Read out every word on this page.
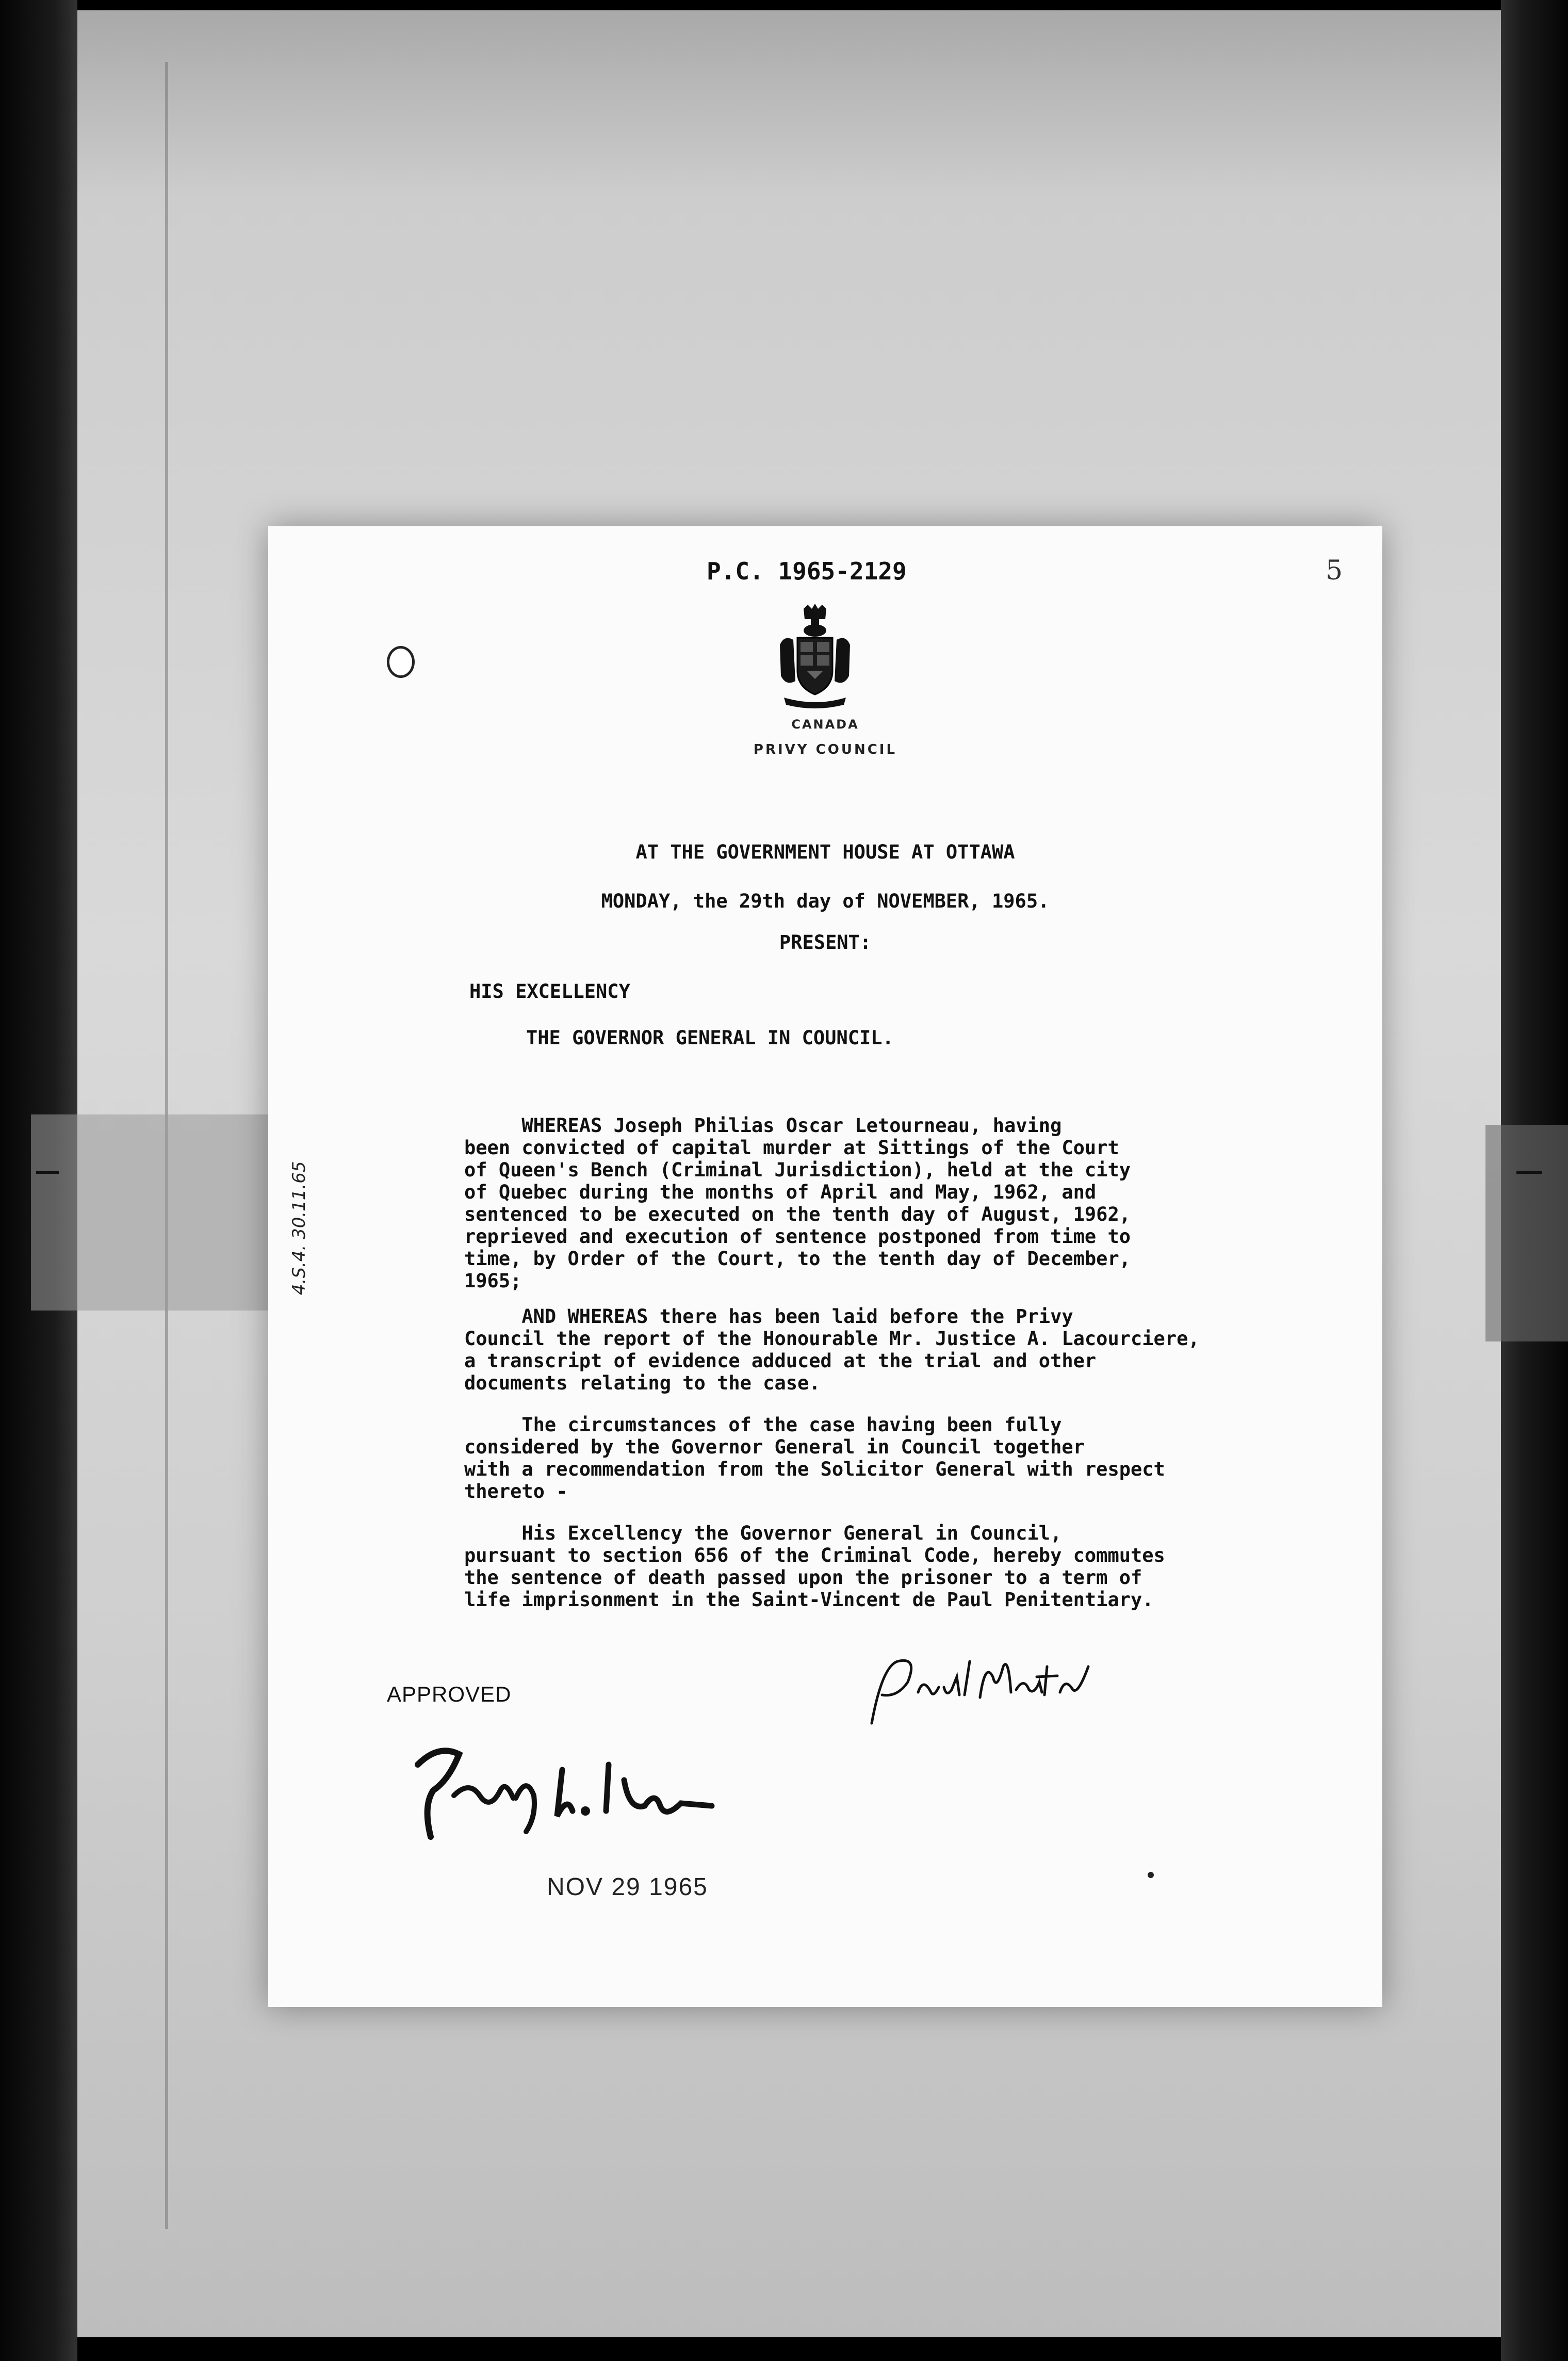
P.C. 1965-2129	5
CANADA
PRIVY COUNCIL
AT THE GOVERNMENT HOUSE AT OTTAWA
MONDAY, the 29th day of NOVEMBER, 1965.
PRESENT:
HIS EXCELLENCY
THE GOVERNOR GENERAL IN COUNCIL.
4.S.4. 30.11.65
WHEREAS Joseph Philias Oscar Letourneau, having
been convicted of capital murder at Sittings of the Court
of Queen's Bench (Criminal Jurisdiction), held at the city
of Quebec during the months of April and May, 1962, and
sentenced to be executed on the tenth day of August, 1962,
reprieved and execution of sentence postponed from time to
time, by Order of the Court, to the tenth day of December,
1965;
AND WHEREAS there has been laid before the Privy
Council the report of the Honourable Mr. Justice A. Lacourciere,
a transcript of evidence adduced at the trial and other
documents relating to the case.
The circumstances of the case having been fully
considered by the Governor General in Council together
with a recommendation from the Solicitor General with respect
thereto -
His Excellency the Governor General in Council,
pursuant to section 656 of the Criminal Code, hereby commutes
the sentence of death passed upon the prisoner to a term of
life imprisonment in the Saint-Vincent de Paul Penitentiary.
APPROVED
NOV 29 1965
